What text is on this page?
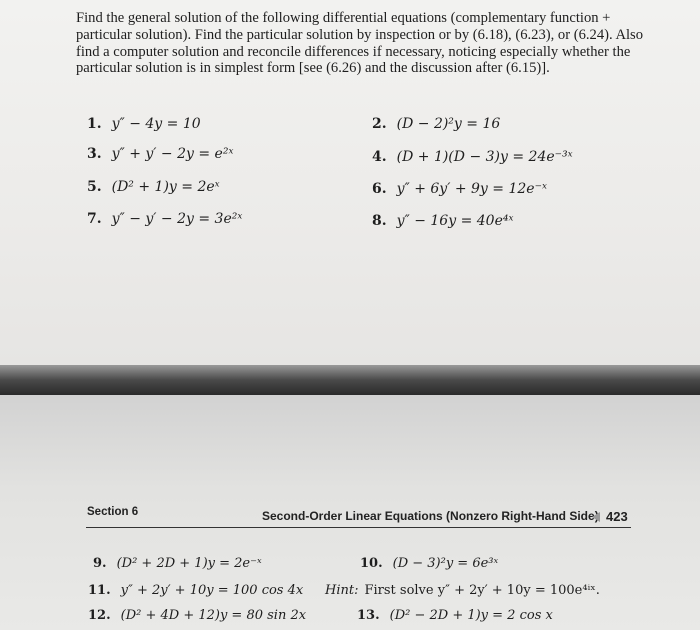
Find the general solution of the following differential equations (complementary function + particular solution). Find the particular solution by inspection or by (6.18), (6.23), or (6.24). Also find a computer solution and reconcile differences if necessary, noticing especially whether the particular solution is in simplest form [see (6.26) and the discussion after (6.15)].

1. y″ − 4y = 10	2. (D − 2)²y = 16
3. y″ + y′ − 2y = e²ˣ	4. (D + 1)(D − 3)y = 24e⁻³ˣ
5. (D² + 1)y = 2eˣ	6. y″ + 6y′ + 9y = 12e⁻ˣ
7. y″ − y′ − 2y = 3e²ˣ	8. y″ − 16y = 40e⁴ˣ
Section 6	Second-Order Linear Equations (Nonzero Right-Hand Side) 423
9. (D² + 2D + 1)y = 2e⁻ˣ	10. (D − 3)²y = 6e³ˣ
11. y″ + 2y′ + 10y = 100 cos 4x Hint: First solve y″ + 2y′ + 10y = 100e⁴ⁱˣ.
12. (D² + 4D + 12)y = 80 sin 2x	13. (D² − 2D + 1)y = 2 cos x
